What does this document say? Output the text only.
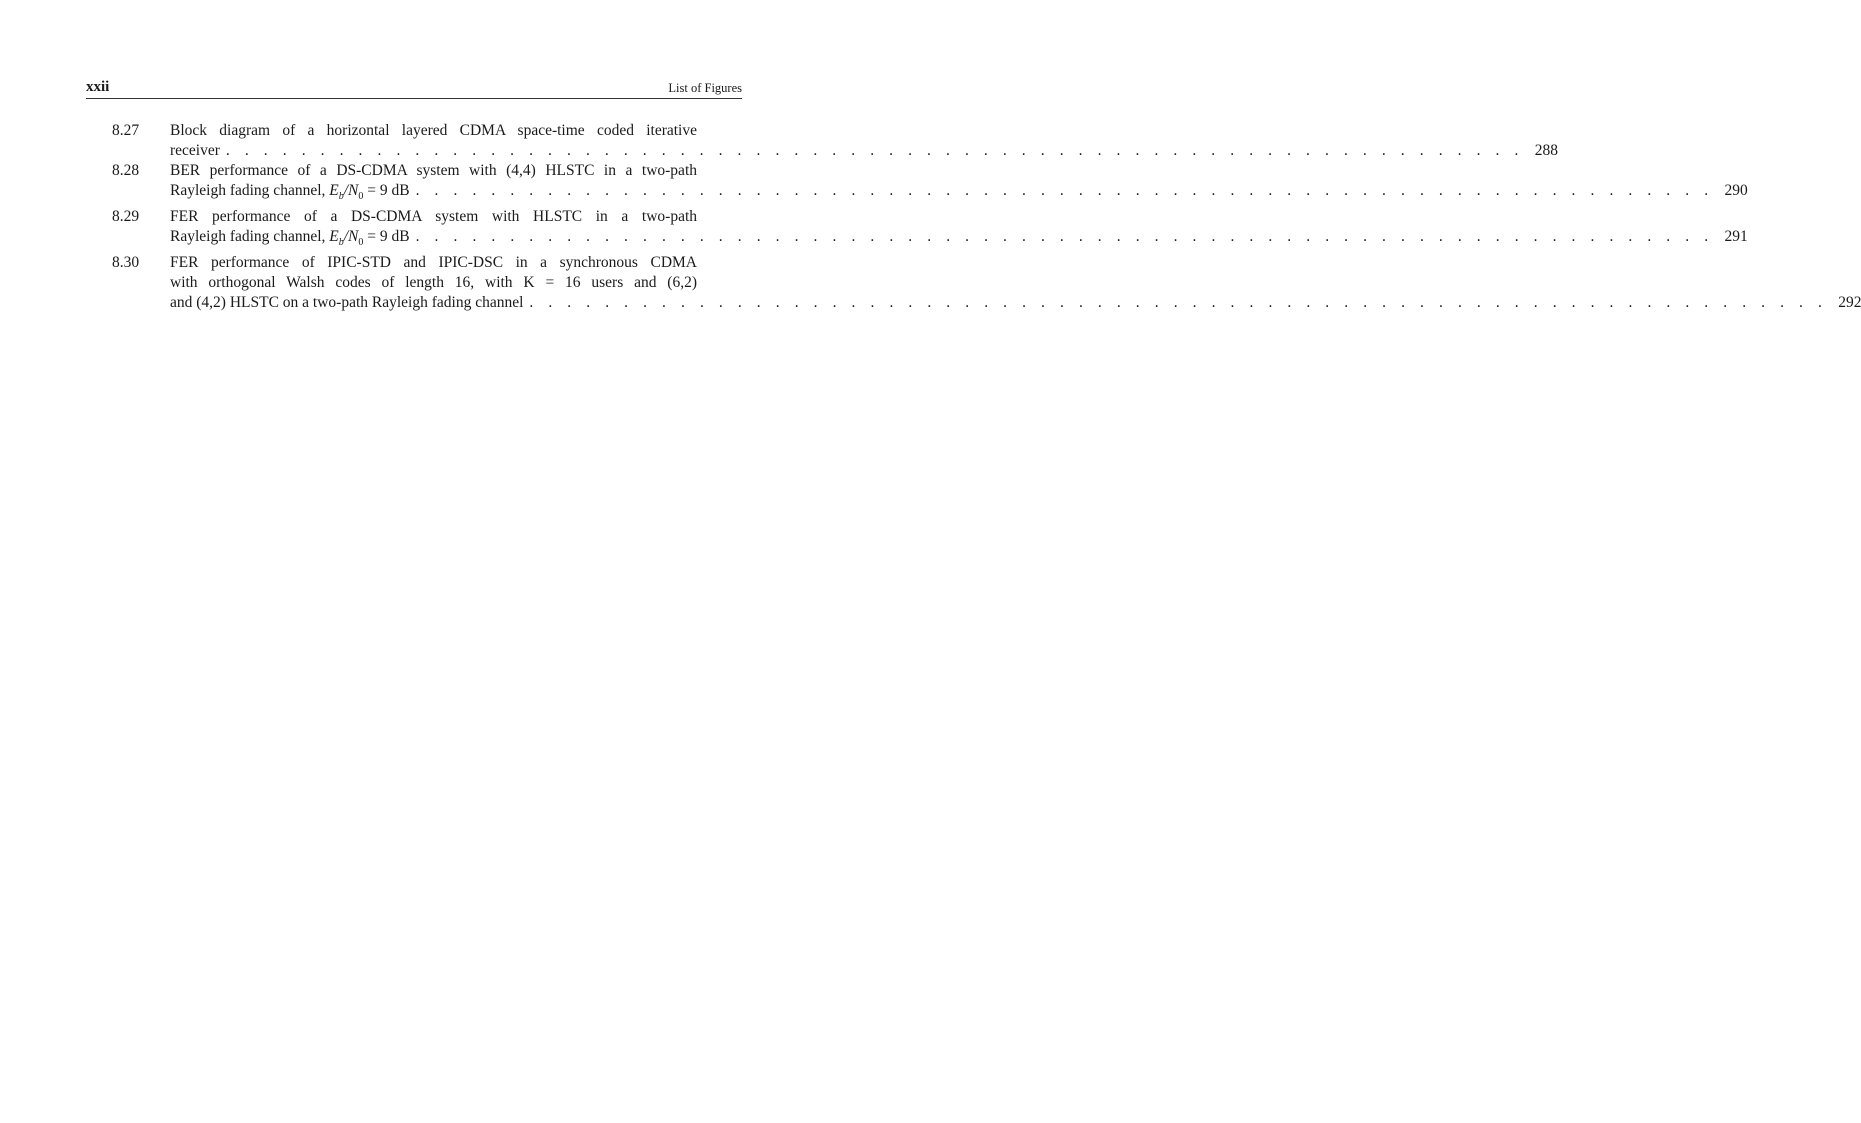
xxii	List of Figures
8.27	Block diagram of a horizontal layered CDMA space-time coded iterative
receiver . . . . . . . . . . . . . . . . . . . . . . . . . . . . . . . . . . . . . . . . . . . . . . . . . . . . . . . . . . . . . . . . . . . . . 288
8.28	BER performance of a DS-CDMA system with (4,4) HLSTC in a two-path
Rayleigh fading channel, $E_b/N_0 = 9$ dB . . . . . . . . . . . . . . . . . . . . . . . . . . . . . . . . . . . . . . . . . . . . . . . . . . . . . . . . . . . . . . . . . . . . . 290
8.29	FER performance of a DS-CDMA system with HLSTC in a two-path
Rayleigh fading channel, $E_b/N_0 = 9$ dB . . . . . . . . . . . . . . . . . . . . . . . . . . . . . . . . . . . . . . . . . . . . . . . . . . . . . . . . . . . . . . . . . . . . . 291
8.30	FER performance of IPIC-STD and IPIC-DSC in a synchronous CDMA
with orthogonal Walsh codes of length 16, with K = 16 users and (6,2)
and (4,2) HLSTC on a two-path Rayleigh fading channel . . . . . . . . . . . . . . . . . . . . . . . . . . . . . . . . . . . . . . . . . . . . . . . . . . . . . . . . . . . . . . . . . . . . . 292
